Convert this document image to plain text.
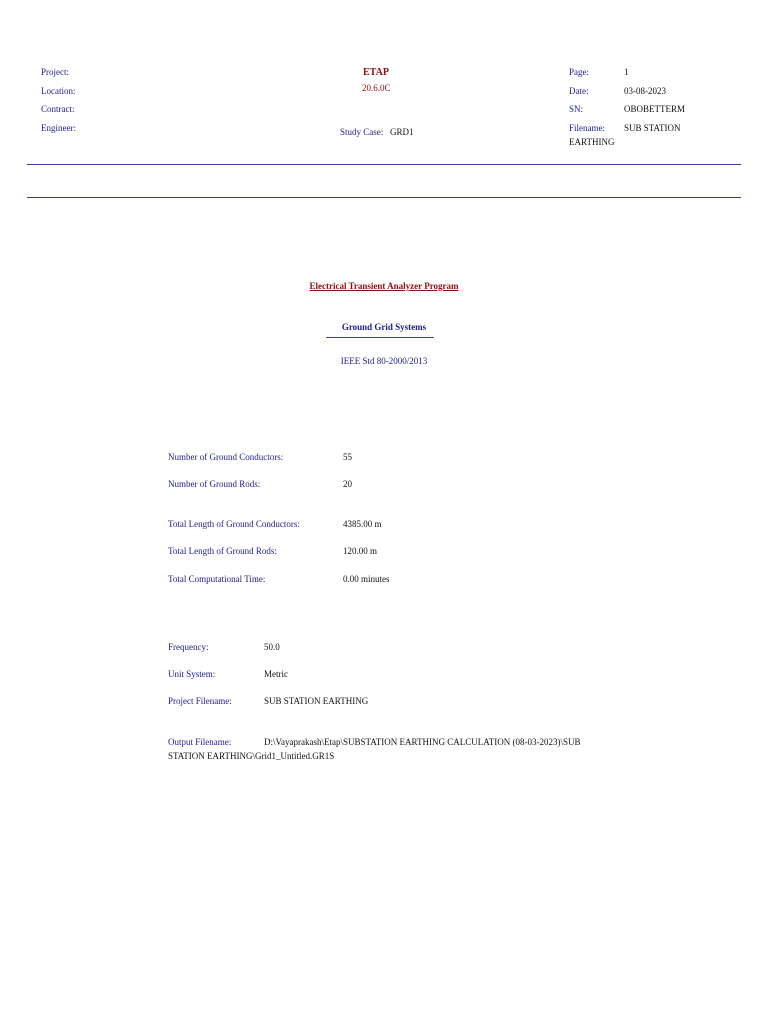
Project:
Location:
Contract:
Engineer:
ETAP
20.6.0C
Study Case: GRD1
Page:	1
Date:	03-08-2023
SN:	OBOBETTERM
Filename: SUB STATION
EARTHING
Electrical Transient Analyzer Program
Ground Grid Systems
IEEE Std 80-2000/2013
Number of Ground Conductors:	55
Number of Ground Rods:	20
Total Length of Ground Conductors:	4385.00 m
Total Length of Ground Rods:	120.00 m
Total Computational Time:	0.00 minutes
Frequency:	50.0
Unit System:	Metric
Project Filename:	SUB STATION EARTHING
Output Filename:	D:\Vayaprakash\Etap\SUBSTATION EARTHING CALCULATION (08-03-2023)\SUB
STATION EARTHING\Grid1_Untitled.GR1S
